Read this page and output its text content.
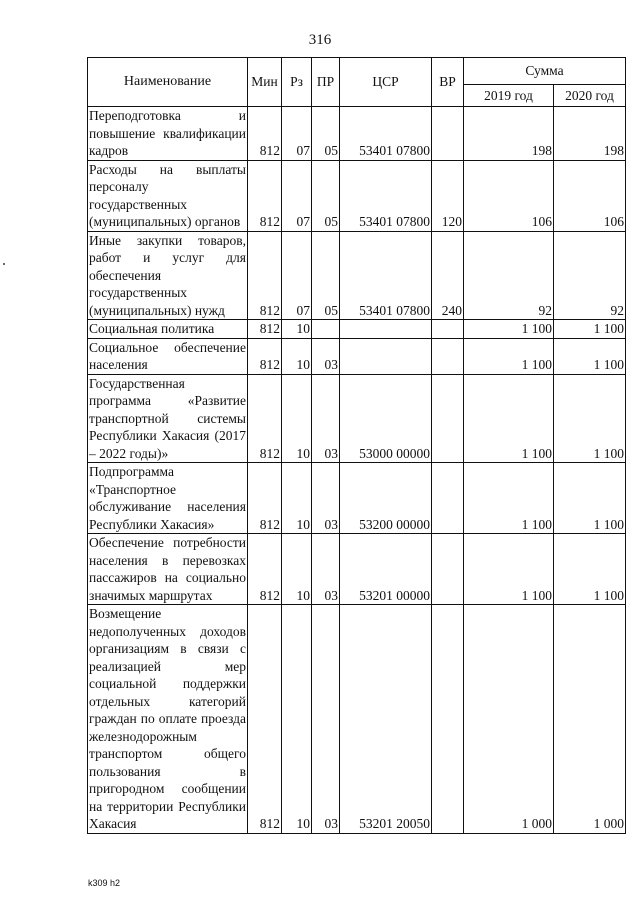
316
Наименование	Мин	Рз	ПР	ЦСР	ВР	Сумма	
						2019 год	2020 год
Переподготовка и повышение квалификации кадров	812	07	05	53401 07800		198	198
Расходы на выплаты персоналу государственных (муниципальных) органов	812	07	05	53401 07800	120	106	106
Иные закупки товаров, работ и услуг для обеспечения государственных (муниципальных) нужд	812	07	05	53401 07800	240	92	92
Социальная политика	812	10				1 100	1 100
Социальное обеспечение населения	812	10	03			1 100	1 100
Государственная программа «Развитие транспортной системы Республики Хакасия (2017 – 2022 годы)»	812	10	03	53000 00000		1 100	1 100
Подпрограмма «Транспортное обслуживание населения Республики Хакасия»	812	10	03	53200 00000		1 100	1 100
Обеспечение потребности населения в перевозках пассажиров на социально значимых маршрутах	812	10	03	53201 00000		1 100	1 100
Возмещение недополученных доходов организациям в связи с реализацией мер социальной поддержки отдельных категорий граждан по оплате проезда железнодорожным транспортом общего пользования в пригородном сообщении на территории Республики Хакасия	812	10	03	53201 20050		1 000	1 000
k309 h2
